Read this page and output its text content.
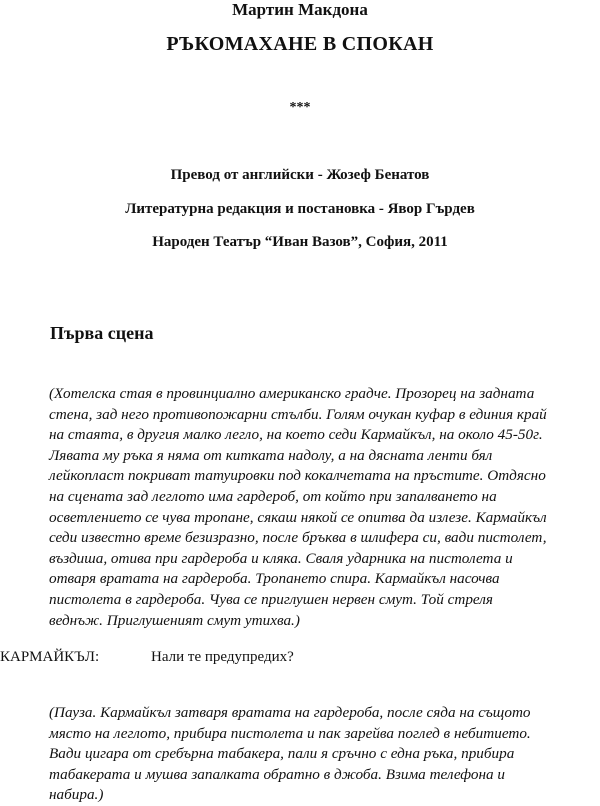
Мартин Макдона
РЪКОМАХАНЕ В СПОКАН
***
Превод от английски - Жозеф Бенатов
Литературна редакция и постановка - Явор Гърдев
Народен Театър “Иван Вазов”, София, 2011
Първа сцена
(Хотелска стая в провинциално американско градче. Прозорец на задната
стена, зад него противопожарни стълби. Голям очукан куфар в единия край
на стаята, в другия малко легло, на което седи Кармайкъл, на около 45-50г.
Лявата му ръка я няма от китката надолу, а на дясната ленти бял
лейкопласт покриват татуировки под кокалчетата на пръстите. Отдясно
на сцената зад леглото има гардероб, от който при запалването на
осветлението се чува тропане, сякаш някой се опитва да излезе. Кармайкъл
седи известно време безизразно, после бръква в шлифера си, вади пистолет,
въздиша, отива при гардероба и кляка. Сваля ударника на пистолета и
отваря вратата на гардероба. Тропането спира. Кармайкъл насочва
пистолета в гардероба. Чува се приглушен нервен смут. Той стреля
веднъж. Приглушеният смут утихва.)
КАРМАЙКЪЛ:	Нали те предупредих?
(Пауза. Кармайкъл затваря вратата на гардероба, после сяда на същото
място на леглото, прибира пистолета и пак зарейва поглед в небитието.
Вади цигара от сребърна табакера, пали я сръчно с една ръка, прибира
табакерата и мушва запалката обратно в джоба. Взима телефона и
набира.)
